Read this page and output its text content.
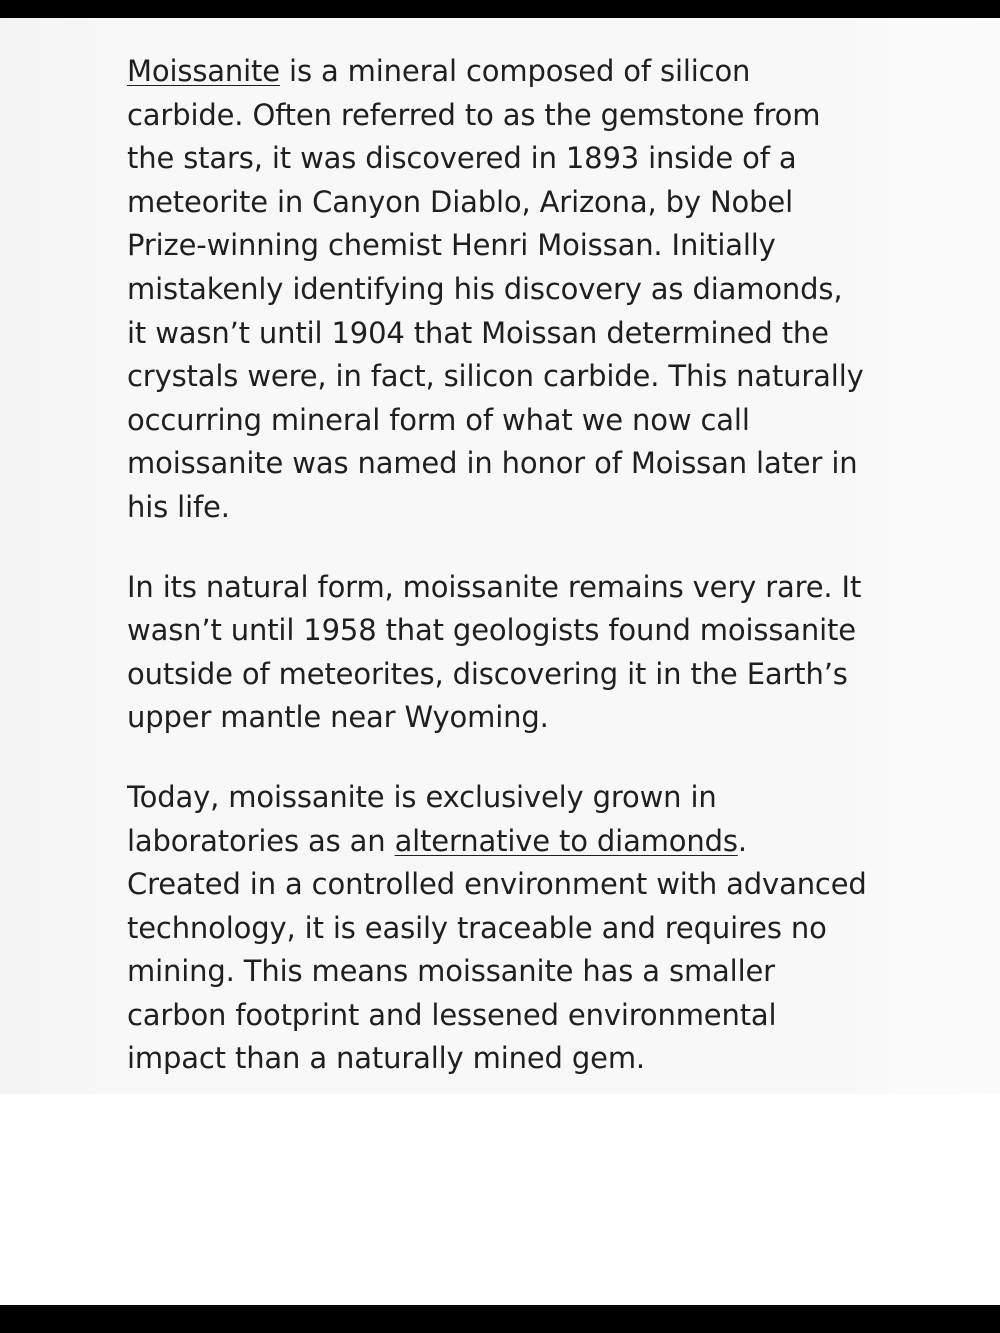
Moissanite is a mineral composed of silicon carbide. Often referred to as the gemstone from the stars, it was discovered in 1893 inside of a meteorite in Canyon Diablo, Arizona, by Nobel Prize-winning chemist Henri Moissan. Initially mistakenly identifying his discovery as diamonds, it wasn’t until 1904 that Moissan determined the crystals were, in fact, silicon carbide. This naturally occurring mineral form of what we now call moissanite was named in honor of Moissan later in his life.

In its natural form, moissanite remains very rare. It wasn’t until 1958 that geologists found moissanite outside of meteorites, discovering it in the Earth’s upper mantle near Wyoming.

Today, moissanite is exclusively grown in laboratories as an alternative to diamonds. Created in a controlled environment with advanced technology, it is easily traceable and requires no mining. This means moissanite has a smaller carbon footprint and lessened environmental impact than a naturally mined gem.
